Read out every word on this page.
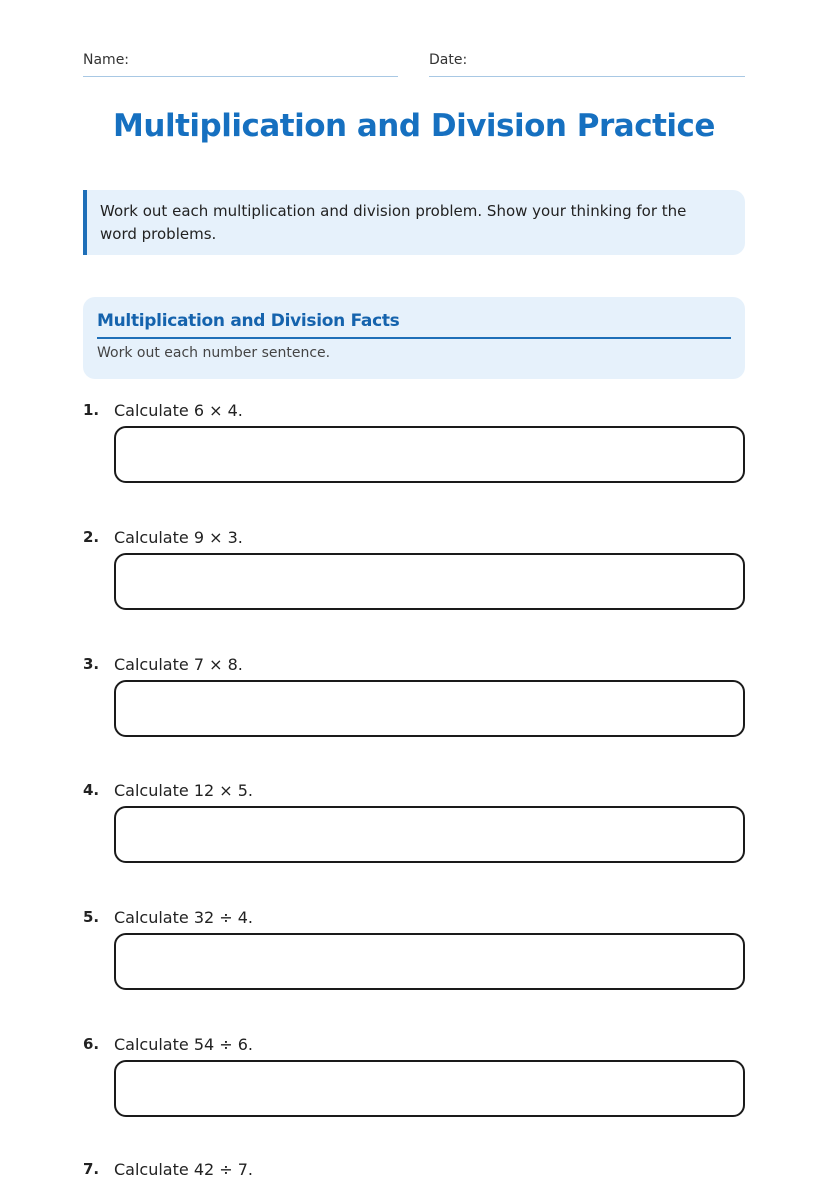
Name:	Date:
Multiplication and Division Practice
Work out each multiplication and division problem. Show your thinking for the word problems.
Multiplication and Division Facts
Work out each number sentence.
1. Calculate 6 × 4.
2. Calculate 9 × 3.
3. Calculate 7 × 8.
4. Calculate 12 × 5.
5. Calculate 32 ÷ 4.
6. Calculate 54 ÷ 6.
7. Calculate 42 ÷ 7.
